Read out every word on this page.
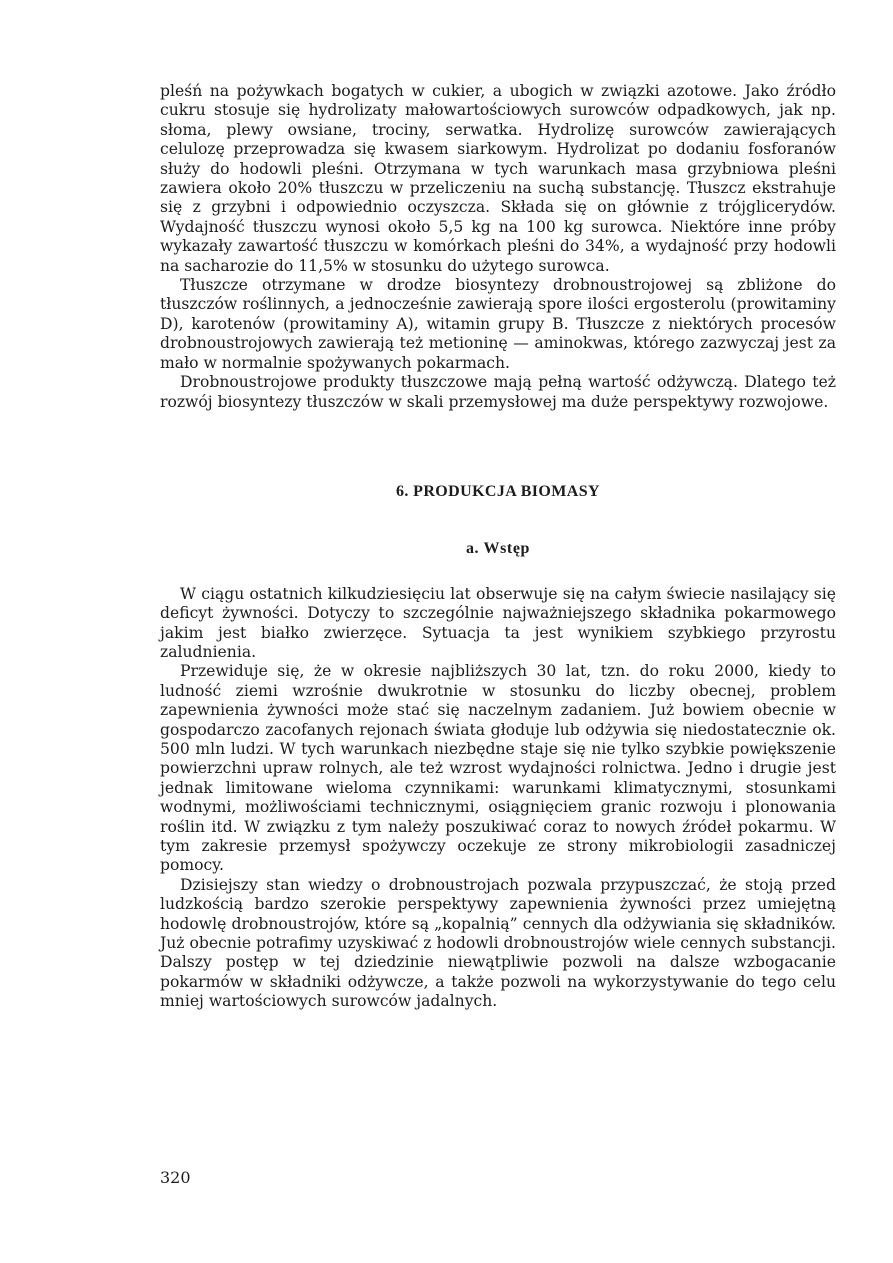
pleśń na pożywkach bogatych w cukier, a ubogich w związki azotowe. Jako źródło cukru stosuje się hydrolizaty małowartościowych surowców odpadkowych, jak np. słoma, plewy owsiane, trociny, serwatka. Hydrolizę surowców zawierających celulozę przeprowadza się kwasem siarkowym. Hydrolizat po dodaniu fosforanów służy do hodowli pleśni. Otrzymana w tych warunkach masa grzybniowa pleśni zawiera około 20% tłuszczu w przeliczeniu na suchą substancję. Tłuszcz ekstrahuje się z grzybni i odpowiednio oczyszcza. Składa się on głównie z trójglicerydów. Wydajność tłuszczu wynosi około 5,5 kg na 100 kg surowca. Niektóre inne próby wykazały zawartość tłuszczu w komórkach pleśni do 34%, a wydajność przy hodowli na sacharozie do 11,5% w stosunku do użytego surowca.

Tłuszcze otrzymane w drodze biosyntezy drobnoustrojowej są zbliżone do tłuszczów roślinnych, a jednocześnie zawierają spore ilości ergosterolu (prowitaminy D), karotenów (prowitaminy A), witamin grupy B. Tłuszcze z niektórych procesów drobnoustrojowych zawierają też metioninę — aminokwas, którego zazwyczaj jest za mało w normalnie spożywanych pokarmach.

Drobnoustrojowe produkty tłuszczowe mają pełną wartość odżywczą. Dlatego też rozwój biosyntezy tłuszczów w skali przemysłowej ma duże perspektywy rozwojowe.

6. PRODUKCJA BIOMASY
a. Wstęp

W ciągu ostatnich kilkudziesięciu lat obserwuje się na całym świecie nasilający się deficyt żywności. Dotyczy to szczególnie najważniejszego składnika pokarmowego jakim jest białko zwierzęce. Sytuacja ta jest wynikiem szybkiego przyrostu zaludnienia.

Przewiduje się, że w okresie najbliższych 30 lat, tzn. do roku 2000, kiedy to ludność ziemi wzrośnie dwukrotnie w stosunku do liczby obecnej, problem zapewnienia żywności może stać się naczelnym zadaniem. Już bowiem obecnie w gospodarczo zacofanych rejonach świata głoduje lub odżywia się niedostatecznie ok. 500 mln ludzi. W tych warunkach niezbędne staje się nie tylko szybkie powiększenie powierzchni upraw rolnych, ale też wzrost wydajności rolnictwa. Jedno i drugie jest jednak limitowane wieloma czynnikami: warunkami klimatycznymi, stosunkami wodnymi, możliwościami technicznymi, osiągnięciem granic rozwoju i plonowania roślin itd. W związku z tym należy poszukiwać coraz to nowych źródeł pokarmu. W tym zakresie przemysł spożywczy oczekuje ze strony mikrobiologii zasadniczej pomocy.

Dzisiejszy stan wiedzy o drobnoustrojach pozwala przypuszczać, że stoją przed ludzkością bardzo szerokie perspektywy zapewnienia żywności przez umiejętną hodowlę drobnoustrojów, które są „kopalnią” cennych dla odżywiania się składników. Już obecnie potrafimy uzyskiwać z hodowli drobnoustrojów wiele cennych substancji. Dalszy postęp w tej dziedzinie niewątpliwie pozwoli na dalsze wzbogacanie pokarmów w składniki odżywcze, a także pozwoli na wykorzystywanie do tego celu mniej wartościowych surowców jadalnych.

320
